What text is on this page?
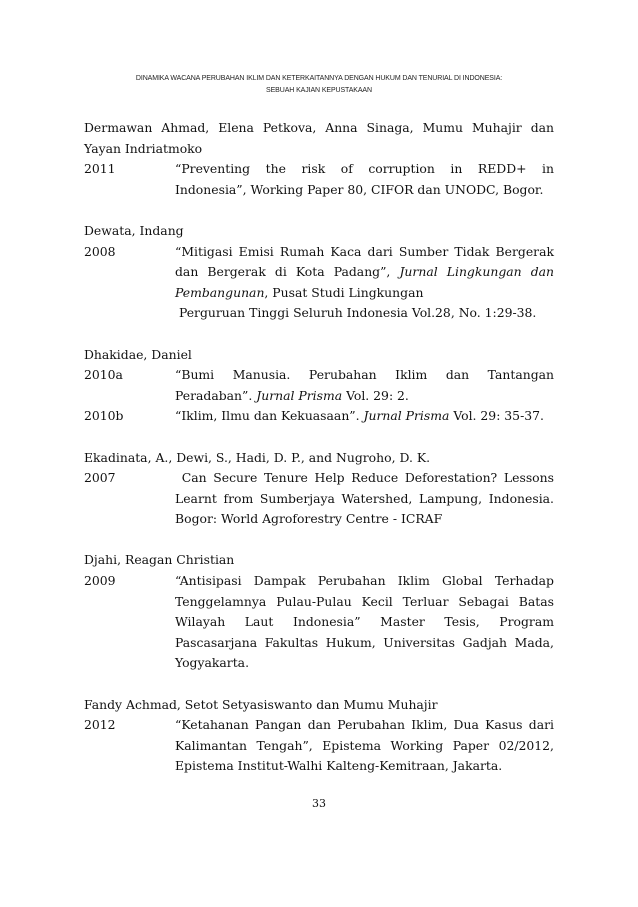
DINAMIKA WACANA PERUBAHAN IKLIM DAN KETERKAITANNYA DENGAN HUKUM DAN TENURIAL DI INDONESIA:
SEBUAH KAJIAN KEPUSTAKAAN
Dermawan Ahmad, Elena Petkova, Anna Sinaga, Mumu Muhajir dan
Yayan Indriatmoko
2011	“Preventing the risk of corruption in REDD+ in
Indonesia”, Working Paper 80, CIFOR dan UNODC, Bogor.
Dewata, Indang
2008	“Mitigasi Emisi Rumah Kaca dari Sumber Tidak Bergerak
dan Bergerak di Kota Padang”, Jurnal Lingkungan dan
Pembangunan, Pusat Studi Lingkungan
Perguruan Tinggi Seluruh Indonesia Vol.28, No. 1:29-38.
Dhakidae, Daniel
2010a	“Bumi Manusia. Perubahan Iklim dan Tantangan
Peradaban”. Jurnal Prisma Vol. 29: 2.
2010b	“Iklim, Ilmu dan Kekuasaan”. Jurnal Prisma Vol. 29: 35-37.
Ekadinata, A., Dewi, S., Hadi, D. P., and Nugroho, D. K.
2007	Can Secure Tenure Help Reduce Deforestation? Lessons
Learnt from Sumberjaya Watershed, Lampung, Indonesia.
Bogor: World Agroforestry Centre - ICRAF
Djahi, Reagan Christian
2009	“Antisipasi Dampak Perubahan Iklim Global Terhadap
Tenggelamnya Pulau-Pulau Kecil Terluar Sebagai Batas
Wilayah Laut Indonesia” Master Tesis, Program
Pascasarjana Fakultas Hukum, Universitas Gadjah Mada,
Yogyakarta.
Fandy Achmad, Setot Setyasiswanto dan Mumu Muhajir
2012	“Ketahanan Pangan dan Perubahan Iklim, Dua Kasus dari
Kalimantan Tengah”, Epistema Working Paper 02/2012,
Epistema Institut-Walhi Kalteng-Kemitraan, Jakarta.
33
